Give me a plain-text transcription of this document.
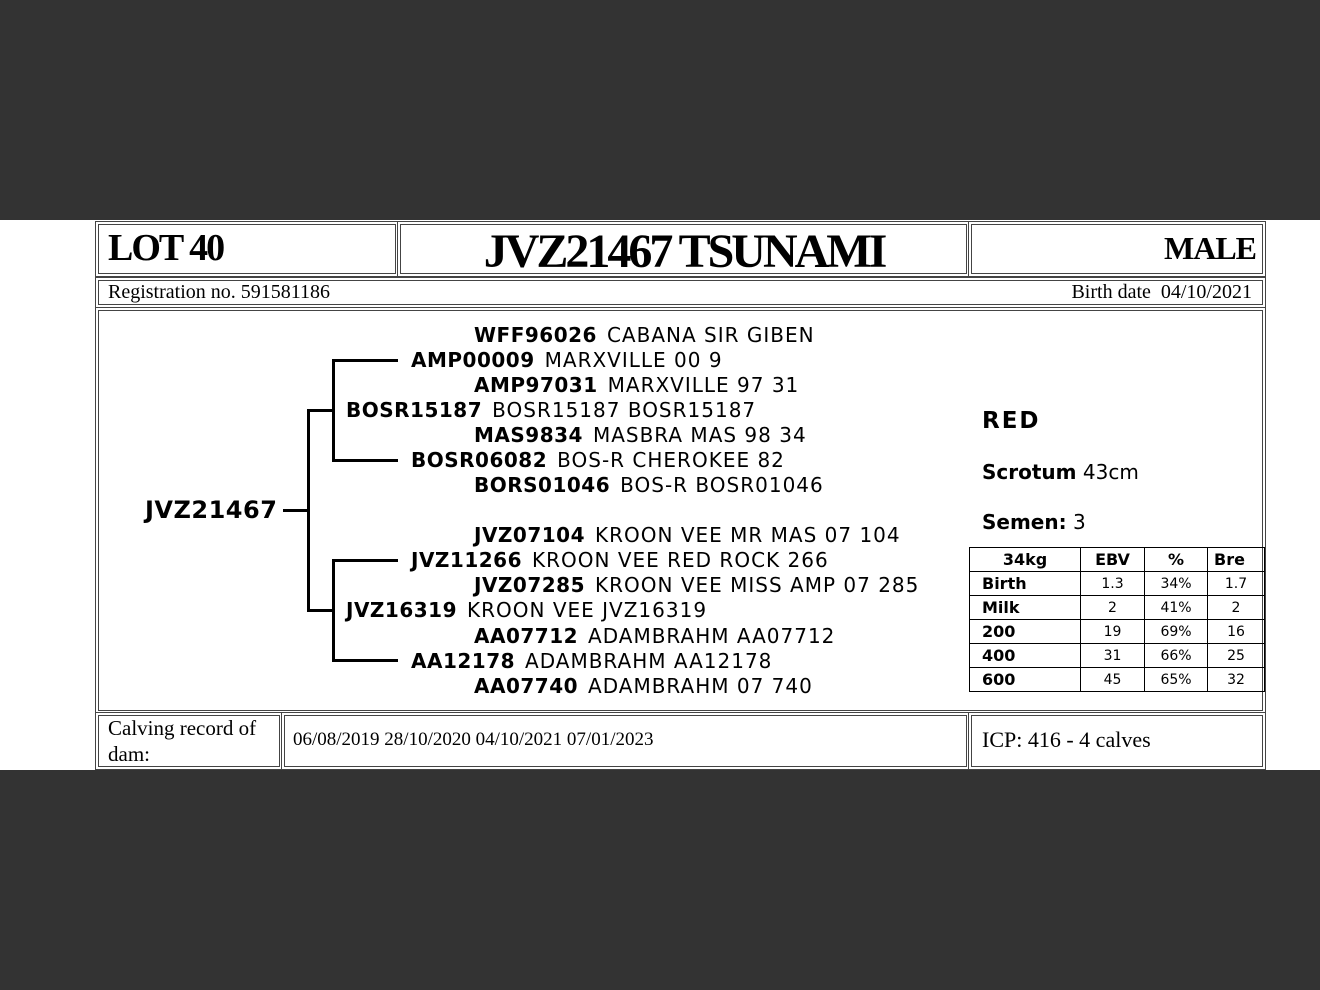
LOT 40	JVZ21467 TSUNAMI	MALE
Registration no. 591581186	Birth date  04/10/2021
JVZ21467
WFF96026 CABANA SIR GIBEN
AMP00009 MARXVILLE 00 9
AMP97031 MARXVILLE 97 31
BOSR15187 BOSR15187 BOSR15187
MAS9834 MASBRA MAS 98 34
BOSR06082 BOS-R CHEROKEE 82
BORS01046 BOS-R BOSR01046
JVZ07104 KROON VEE MR MAS 07 104
JVZ11266 KROON VEE RED ROCK 266
JVZ07285 KROON VEE MISS AMP 07 285
JVZ16319 KROON VEE JVZ16319
AA07712 ADAMBRAHM AA07712
AA12178 ADAMBRAHM AA12178
AA07740 ADAMBRAHM 07 740
RED
Scrotum 43cm
Semen: 3
34kg	EBV	%	Bre
Birth	1.3	34%	1.7
Milk	2	41%	2
200	19	69%	16
400	31	66%	25
600	45	65%	32
Calving record of dam:
06/08/2019 28/10/2020 04/10/2021 07/01/2023	ICP: 416 - 4 calves
